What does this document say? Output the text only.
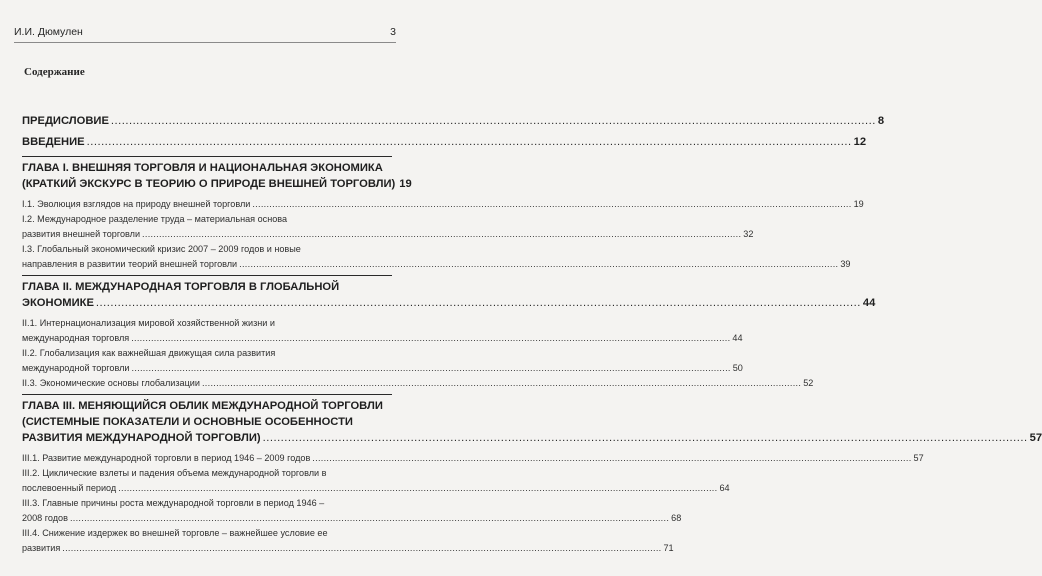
И.И. Дюмулен	3
Содержание
ПРЕДИСЛОВИЕ .....	8
ВВЕДЕНИЕ .....	12
ГЛАВА I. ВНЕШНЯЯ ТОРГОВЛЯ И НАЦИОНАЛЬНАЯ ЭКОНОМИКА
(КРАТКИЙ ЭКСКУРС В ТЕОРИЮ О ПРИРОДЕ ВНЕШНЕЙ ТОРГОВЛИ) 19
I.1. Эволюция взглядов на природу внешней торговли .....	19
I.2. Международное разделение труда – материальная основа
развития внешней торговли .....	32
I.3. Глобальный экономический кризис 2007 – 2009 годов и новые
направления в развитии теорий внешней торговли .....	39
ГЛАВА II. МЕЖДУНАРОДНАЯ ТОРГОВЛЯ В ГЛОБАЛЬНОЙ
ЭКОНОМИКЕ .....	44
II.1. Интернационализация мировой хозяйственной жизни и
международная торговля .....	44
II.2. Глобализация как важнейшая движущая сила развития
международной торговли .....	50
II.3. Экономические основы глобализации .....	52
ГЛАВА III. МЕНЯЮЩИЙСЯ ОБЛИК МЕЖДУНАРОДНОЙ ТОРГОВЛИ
(СИСТЕМНЫЕ ПОКАЗАТЕЛИ И ОСНОВНЫЕ ОСОБЕННОСТИ
РАЗВИТИЯ МЕЖДУНАРОДНОЙ ТОРГОВЛИ) .....	57
III.1. Развитие международной торговли в период 1946 – 2009 годов .....	57
III.2. Циклические взлеты и падения объема международной торговли в
послевоенный период .....	64
III.3. Главные причины роста международной торговли в период 1946 –
2008 годов .....	68
III.4. Снижение издержек во внешней торговле – важнейшее условие ее
развития .....	71
